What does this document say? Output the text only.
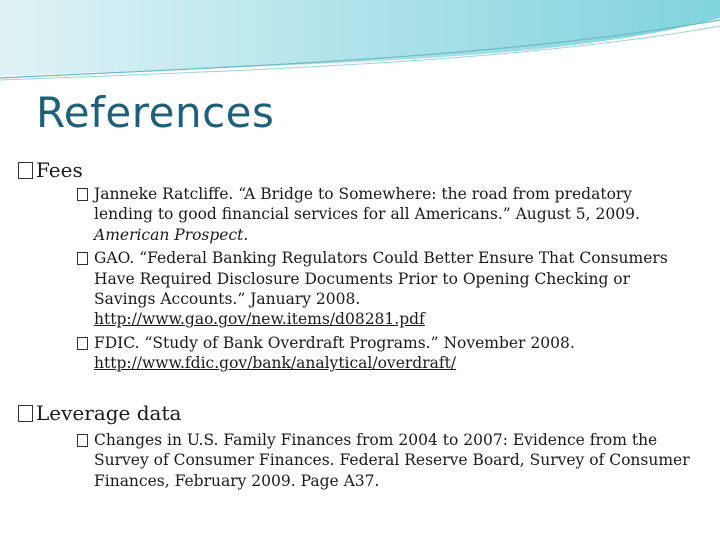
References
Fees
Janneke Ratcliffe. “A Bridge to Somewhere: the road from predatory
lending to good financial services for all Americans.” August 5, 2009.
American Prospect.
GAO. “Federal Banking Regulators Could Better Ensure That Consumers
Have Required Disclosure Documents Prior to Opening Checking or
Savings Accounts.” January 2008.
http://www.gao.gov/new.items/d08281.pdf
FDIC. “Study of Bank Overdraft Programs.” November 2008.
http://www.fdic.gov/bank/analytical/overdraft/
Leverage data
Changes in U.S. Family Finances from 2004 to 2007: Evidence from the
Survey of Consumer Finances. Federal Reserve Board, Survey of Consumer
Finances, February 2009. Page A37.
